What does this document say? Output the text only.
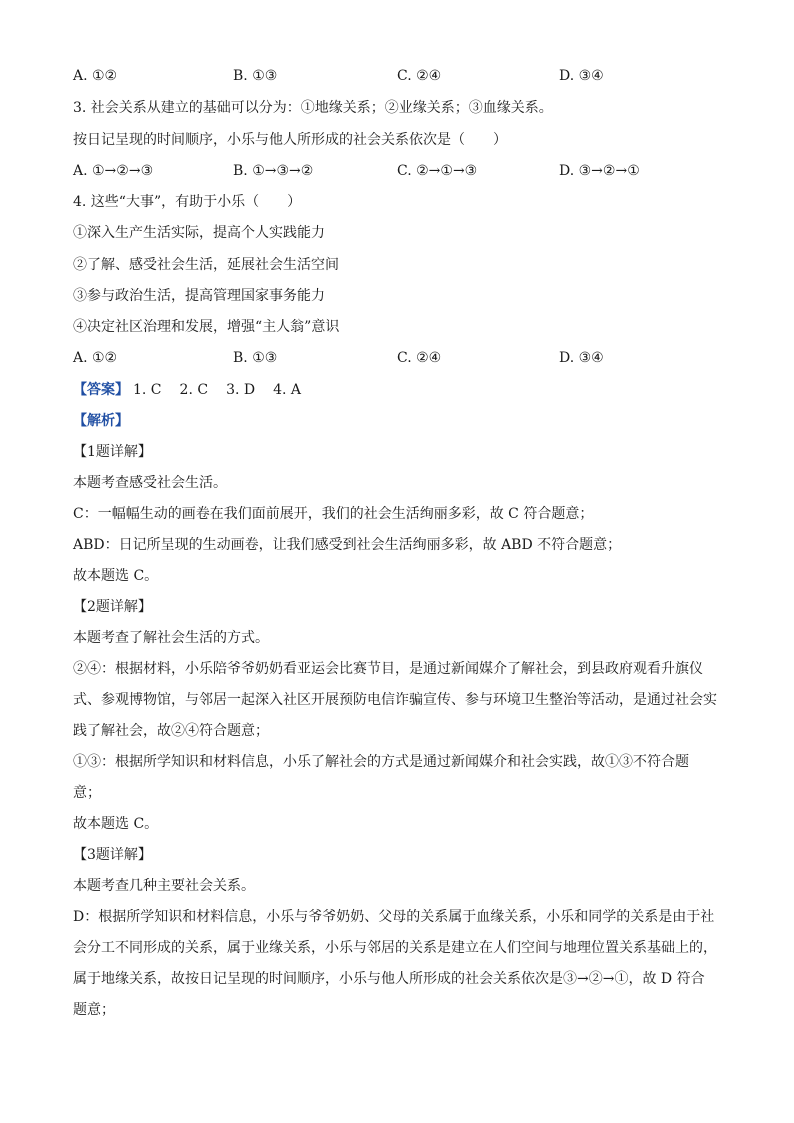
A. ①②	B. ①③	C. ②④	D. ③④
3. 社会关系从建立的基础可以分为：①地缘关系；②业缘关系；③血缘关系。
按日记呈现的时间顺序，小乐与他人所形成的社会关系依次是（　　）
A. ①→②→③	B. ①→③→②	C. ②→①→③	D. ③→②→①
4. 这些“大事”，有助于小乐（　　）
①深入生产生活实际，提高个人实践能力
②了解、感受社会生活，延展社会生活空间
③参与政治生活，提高管理国家事务能力
④决定社区治理和发展，增强“主人翁”意识
A. ①②	B. ①③	C. ②④	D. ③④
【答案】 1. C 2. C 3. D 4. A
【解析】
【1题详解】
本题考查感受社会生活。
C：一幅幅生动的画卷在我们面前展开，我们的社会生活绚丽多彩，故 C 符合题意；
ABD：日记所呈现的生动画卷，让我们感受到社会生活绚丽多彩，故 ABD 不符合题意；
故本题选 C。
【2题详解】
本题考查了解社会生活的方式。
②④：根据材料，小乐陪爷爷奶奶看亚运会比赛节目，是通过新闻媒介了解社会，到县政府观看升旗仪
式、参观博物馆，与邻居一起深入社区开展预防电信诈骗宣传、参与环境卫生整治等活动，是通过社会实
践了解社会，故②④符合题意；
①③：根据所学知识和材料信息，小乐了解社会的方式是通过新闻媒介和社会实践，故①③不符合题
意；
故本题选 C。
【3题详解】
本题考查几种主要社会关系。
D：根据所学知识和材料信息，小乐与爷爷奶奶、父母的关系属于血缘关系，小乐和同学的关系是由于社
会分工不同形成的关系，属于业缘关系，小乐与邻居的关系是建立在人们空间与地理位置关系基础上的，
属于地缘关系，故按日记呈现的时间顺序，小乐与他人所形成的社会关系依次是③→②→①，故 D 符合
题意；
